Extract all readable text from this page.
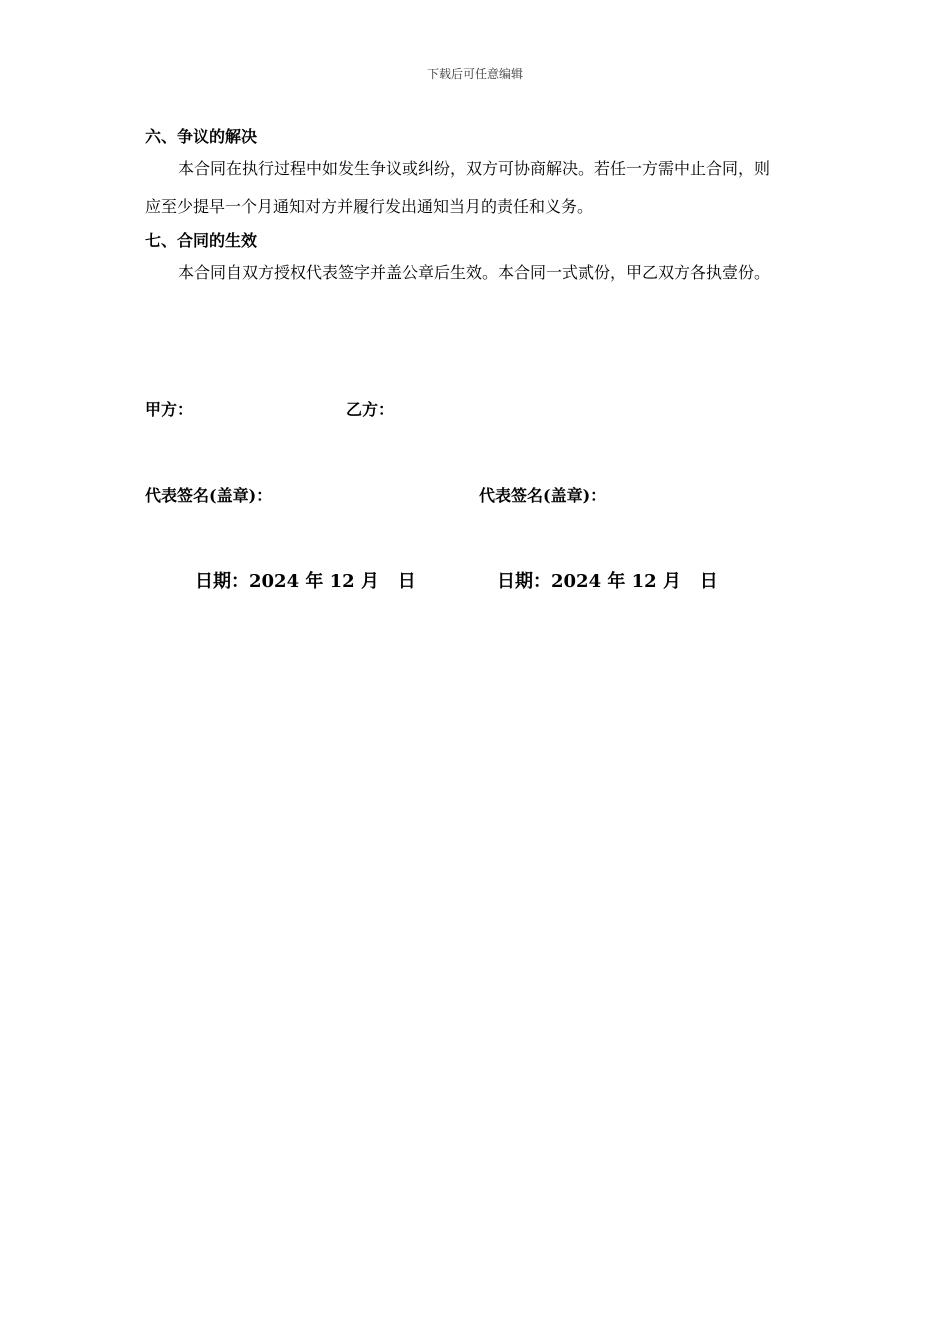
下载后可任意编辑
六、争议的解决
本合同在执行过程中如发生争议或纠纷，双方可协商解决。若任一方需中止合同，则
应至少提早一个月通知对方并履行发出通知当月的责任和义务。
七、合同的生效
本合同自双方授权代表签字并盖公章后生效。本合同一式贰份，甲乙双方各执壹份。
甲方：	乙方：
代表签名(盖章)：	代表签名(盖章)：
日期：2024 年 12 月   日	日期：2024 年 12 月   日
